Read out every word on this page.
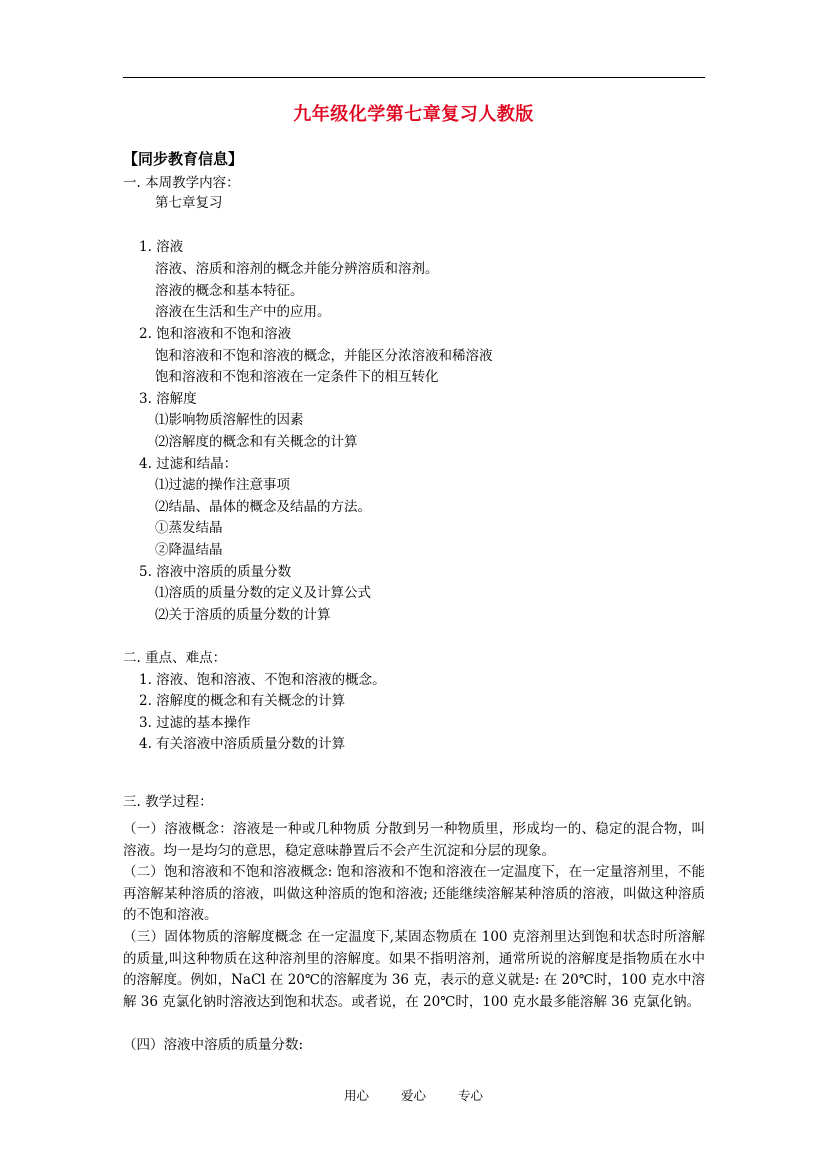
九年级化学第七章复习人教版
【同步教育信息】
一. 本周教学内容：
第七章复习
1. 溶液
溶液、溶质和溶剂的概念并能分辨溶质和溶剂。
溶液的概念和基本特征。
溶液在生活和生产中的应用。
2. 饱和溶液和不饱和溶液
饱和溶液和不饱和溶液的概念，并能区分浓溶液和稀溶液
饱和溶液和不饱和溶液在一定条件下的相互转化
3. 溶解度
⑴影响物质溶解性的因素
⑵溶解度的概念和有关概念的计算
4. 过滤和结晶：
⑴过滤的操作注意事项
⑵结晶、晶体的概念及结晶的方法。
①蒸发结晶
②降温结晶
5. 溶液中溶质的质量分数
⑴溶质的质量分数的定义及计算公式
⑵关于溶质的质量分数的计算
二. 重点、难点：
1. 溶液、饱和溶液、不饱和溶液的概念。
2. 溶解度的概念和有关概念的计算
3. 过滤的基本操作
4. 有关溶液中溶质质量分数的计算
三. 教学过程：
（一）溶液概念：溶液是一种或几种物质 分散到另一种物质里，形成均一的、稳定的混合物，叫溶液。均一是均匀的意思，稳定意味静置后不会产生沉淀和分层的现象。
（二）饱和溶液和不饱和溶液概念: 饱和溶液和不饱和溶液在一定温度下，在一定量溶剂里，不能再溶解某种溶质的溶液，叫做这种溶质的饱和溶液; 还能继续溶解某种溶质的溶液，叫做这种溶质的不饱和溶液。
（三）固体物质的溶解度概念 在一定温度下,某固态物质在 100 克溶剂里达到饱和状态时所溶解的质量,叫这种物质在这种溶剂里的溶解度。如果不指明溶剂，通常所说的溶解度是指物质在水中的溶解度。例如，NaCl 在 20℃的溶解度为 36 克，表示的意义就是: 在 20℃时，100 克水中溶解 36 克氯化钠时溶液达到饱和状态。或者说，在 20℃时，100 克水最多能溶解 36 克氯化钠。
（四）溶液中溶质的质量分数:
用心	爱心	专心
